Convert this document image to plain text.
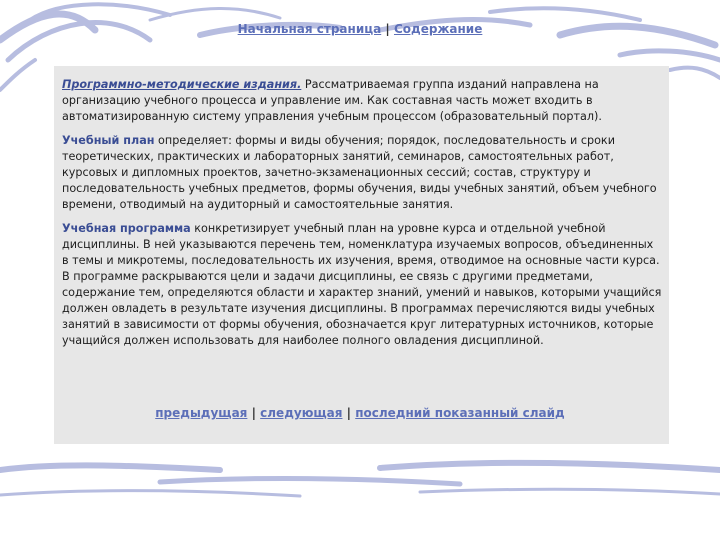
Начальная страница | Содержание

Программно-методические издания. Рассматриваемая группа изданий направлена на организацию учебного процесса и управление им. Как составная часть может входить в автоматизированную систему управления учебным процессом (образовательный портал).

Учебный план определяет: формы и виды обучения; порядок, последовательность и сроки теоретических, практических и лабораторных занятий, семинаров, самостоятельных работ, курсовых и дипломных проектов, зачетно-экзаменационных сессий; состав, структуру и последовательность учебных предметов, формы обучения, виды учебных занятий, объем учебного времени, отводимый на аудиторный и самостоятельные занятия.

Учебная программа конкретизирует учебный план на уровне курса и отдельной учебной дисциплины. В ней указываются перечень тем, номенклатура изучаемых вопросов, объединенных в темы и микротемы, последовательность их изучения, время, отводимое на основные части курса. В программе раскрываются цели и задачи дисциплины, ее связь с другими предметами, содержание тем, определяются области и характер знаний, умений и навыков, которыми учащийся должен овладеть в результате изучения дисциплины. В программах перечисляются виды учебных занятий в зависимости от формы обучения, обозначается круг литературных источников, которые учащийся должен использовать для наиболее полного овладения дисциплиной.

предыдущая | следующая | последний показанный слайд
